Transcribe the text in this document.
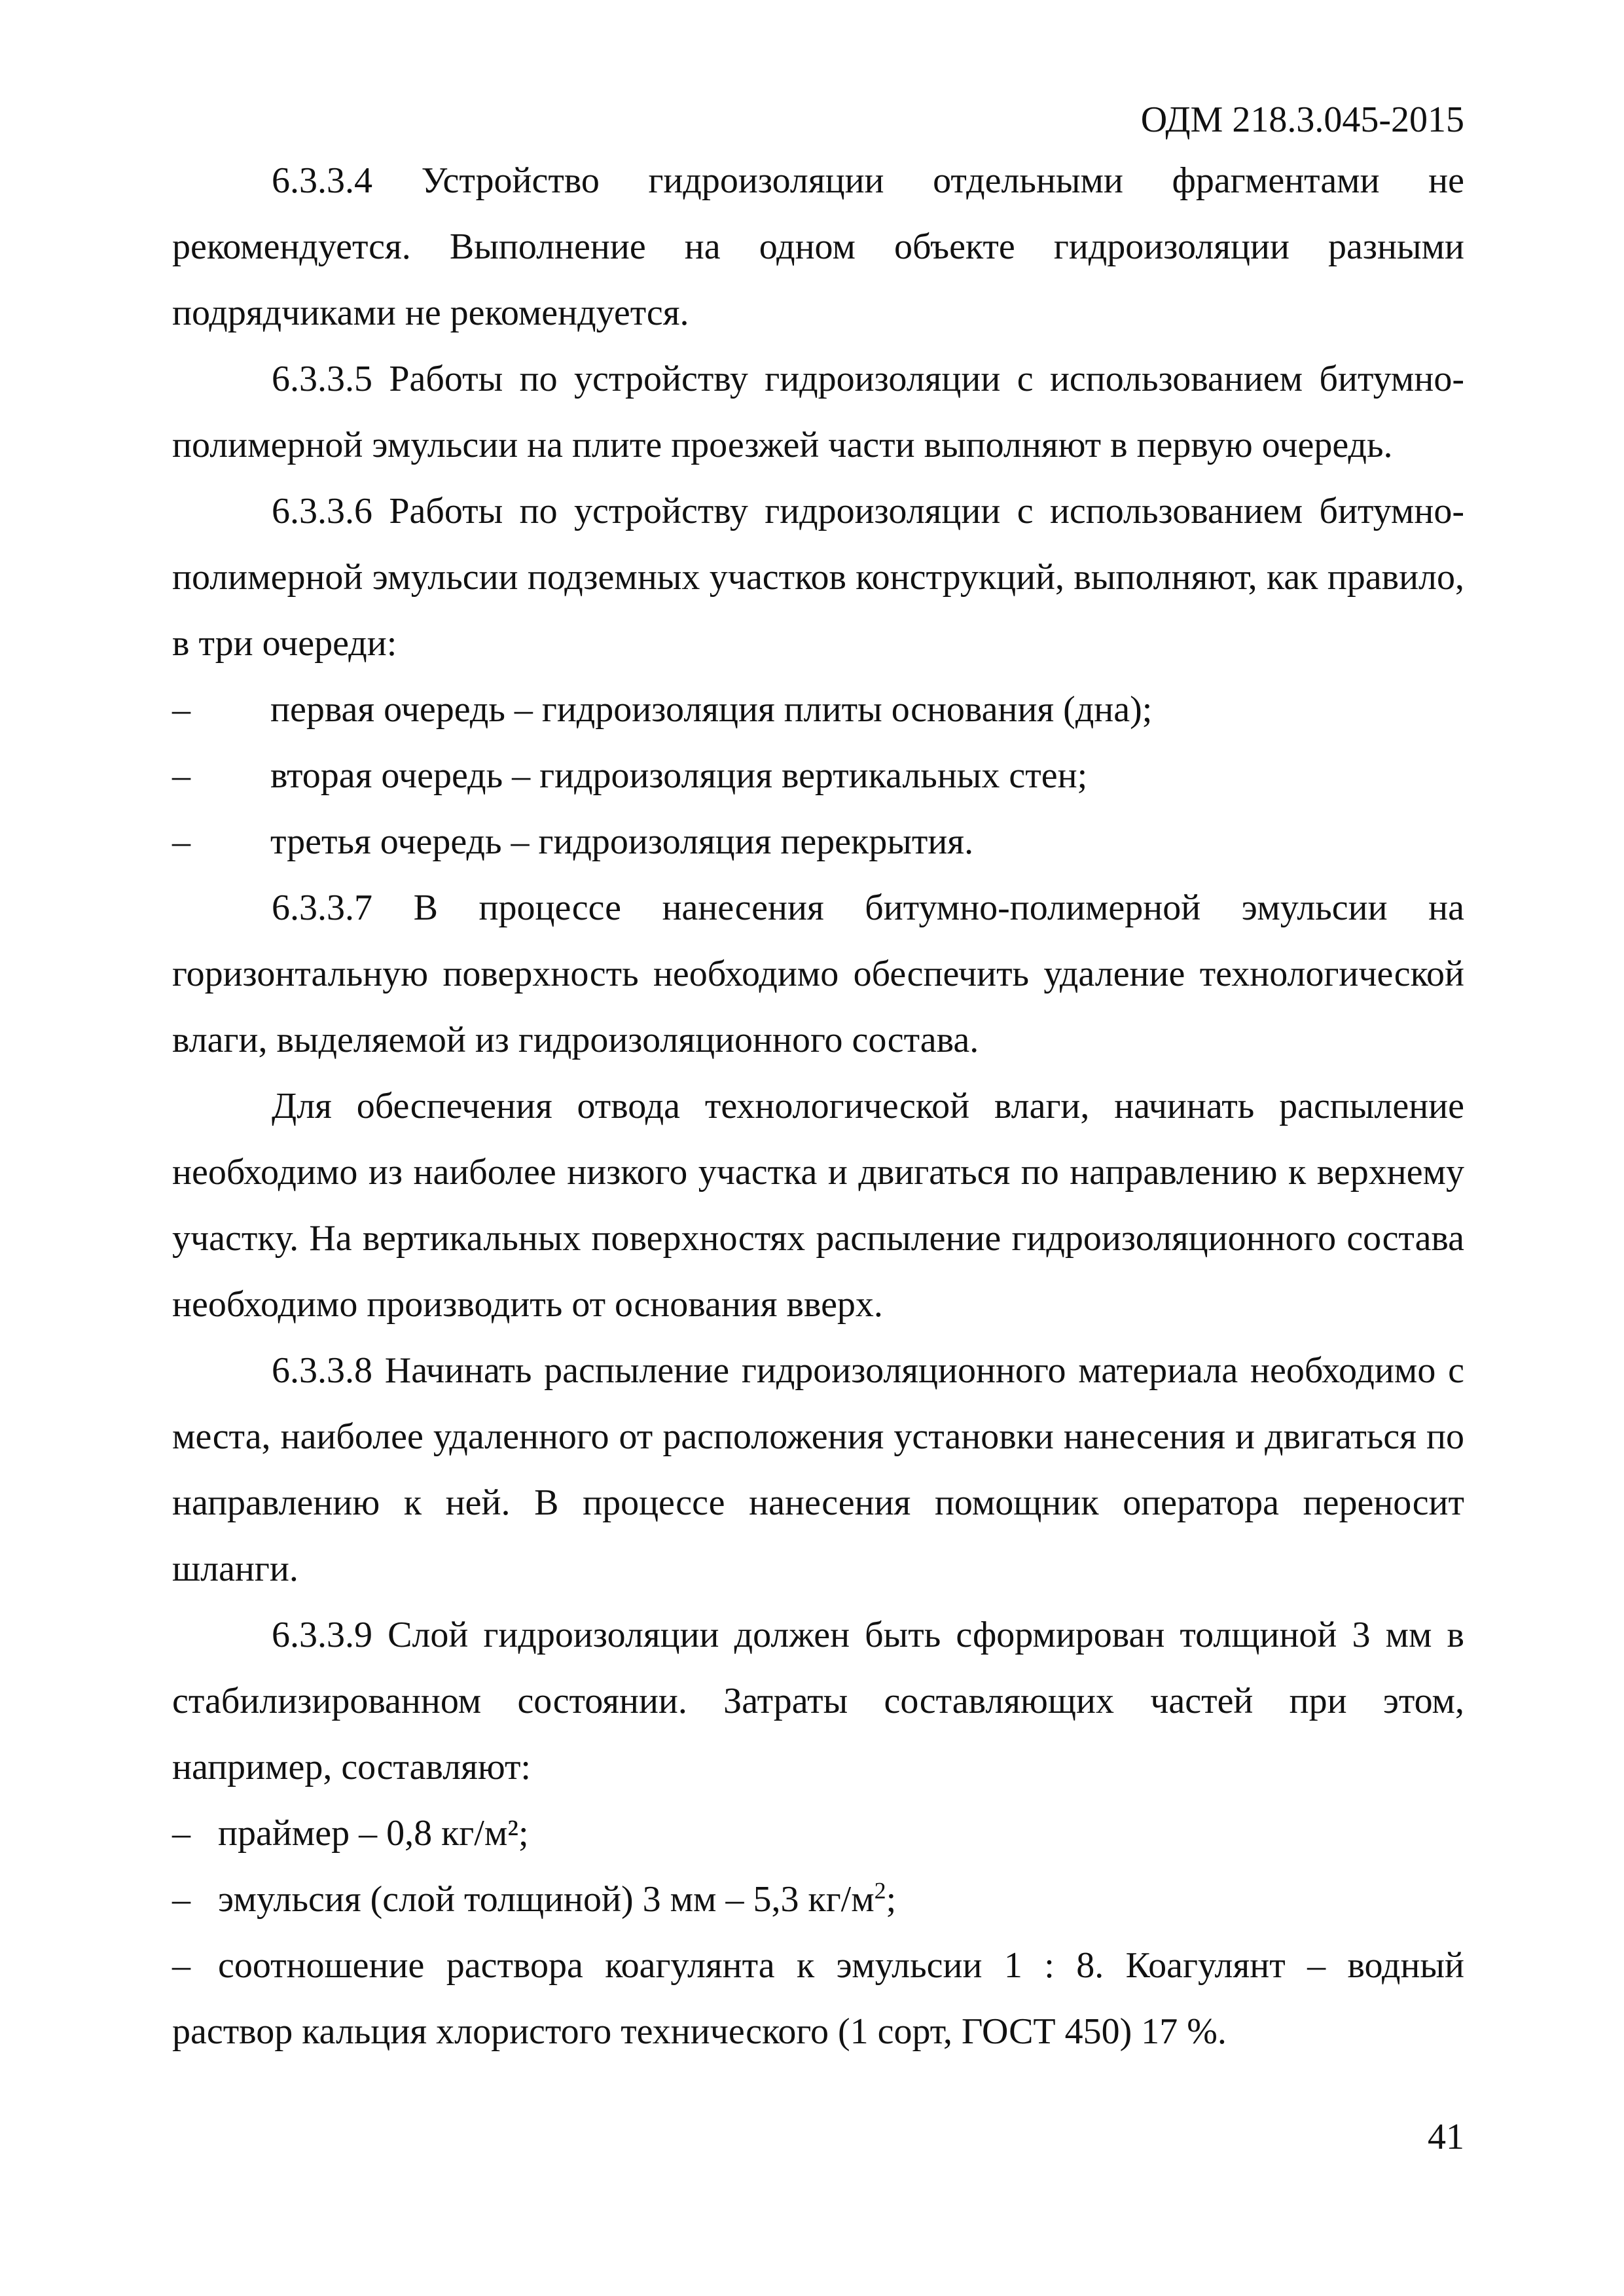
ОДМ 218.3.045-2015

6.3.3.4 Устройство гидроизоляции отдельными фрагментами не рекомендуется. Выполнение на одном объекте гидроизоляции разными подрядчиками не рекомендуется.

6.3.3.5 Работы по устройству гидроизоляции с использованием битумно-полимерной эмульсии на плите проезжей части выполняют в первую очередь.

6.3.3.6 Работы по устройству гидроизоляции с использованием битумно-полимерной эмульсии подземных участков конструкций, выполняют, как правило, в три очереди:

– первая очередь – гидроизоляция плиты основания (дна);

– вторая очередь – гидроизоляция вертикальных стен;

– третья очередь – гидроизоляция перекрытия.

6.3.3.7 В процессе нанесения битумно-полимерной эмульсии на горизонтальную поверхность необходимо обеспечить удаление технологической влаги, выделяемой из гидроизоляционного состава.

Для обеспечения отвода технологической влаги, начинать распыление необходимо из наиболее низкого участка и двигаться по направлению к верхнему участку. На вертикальных поверхностях распыление гидроизоляционного состава необходимо производить от основания вверх.

6.3.3.8 Начинать распыление гидроизоляционного материала необходимо с места, наиболее удаленного от расположения установки нанесения и двигаться по направлению к ней. В процессе нанесения помощник оператора переносит шланги.

6.3.3.9 Слой гидроизоляции должен быть сформирован толщиной 3 мм в стабилизированном состоянии. Затраты составляющих частей при этом, например, составляют:

– праймер – 0,8 кг/м²;

– эмульсия (слой толщиной) 3 мм – 5,3 $кг/м^2$;

– соотношение раствора коагулянта к эмульсии 1 : 8. Коагулянт – водный раствор кальция хлористого технического (1 сорт, ГОСТ 450) 17 %.

41
